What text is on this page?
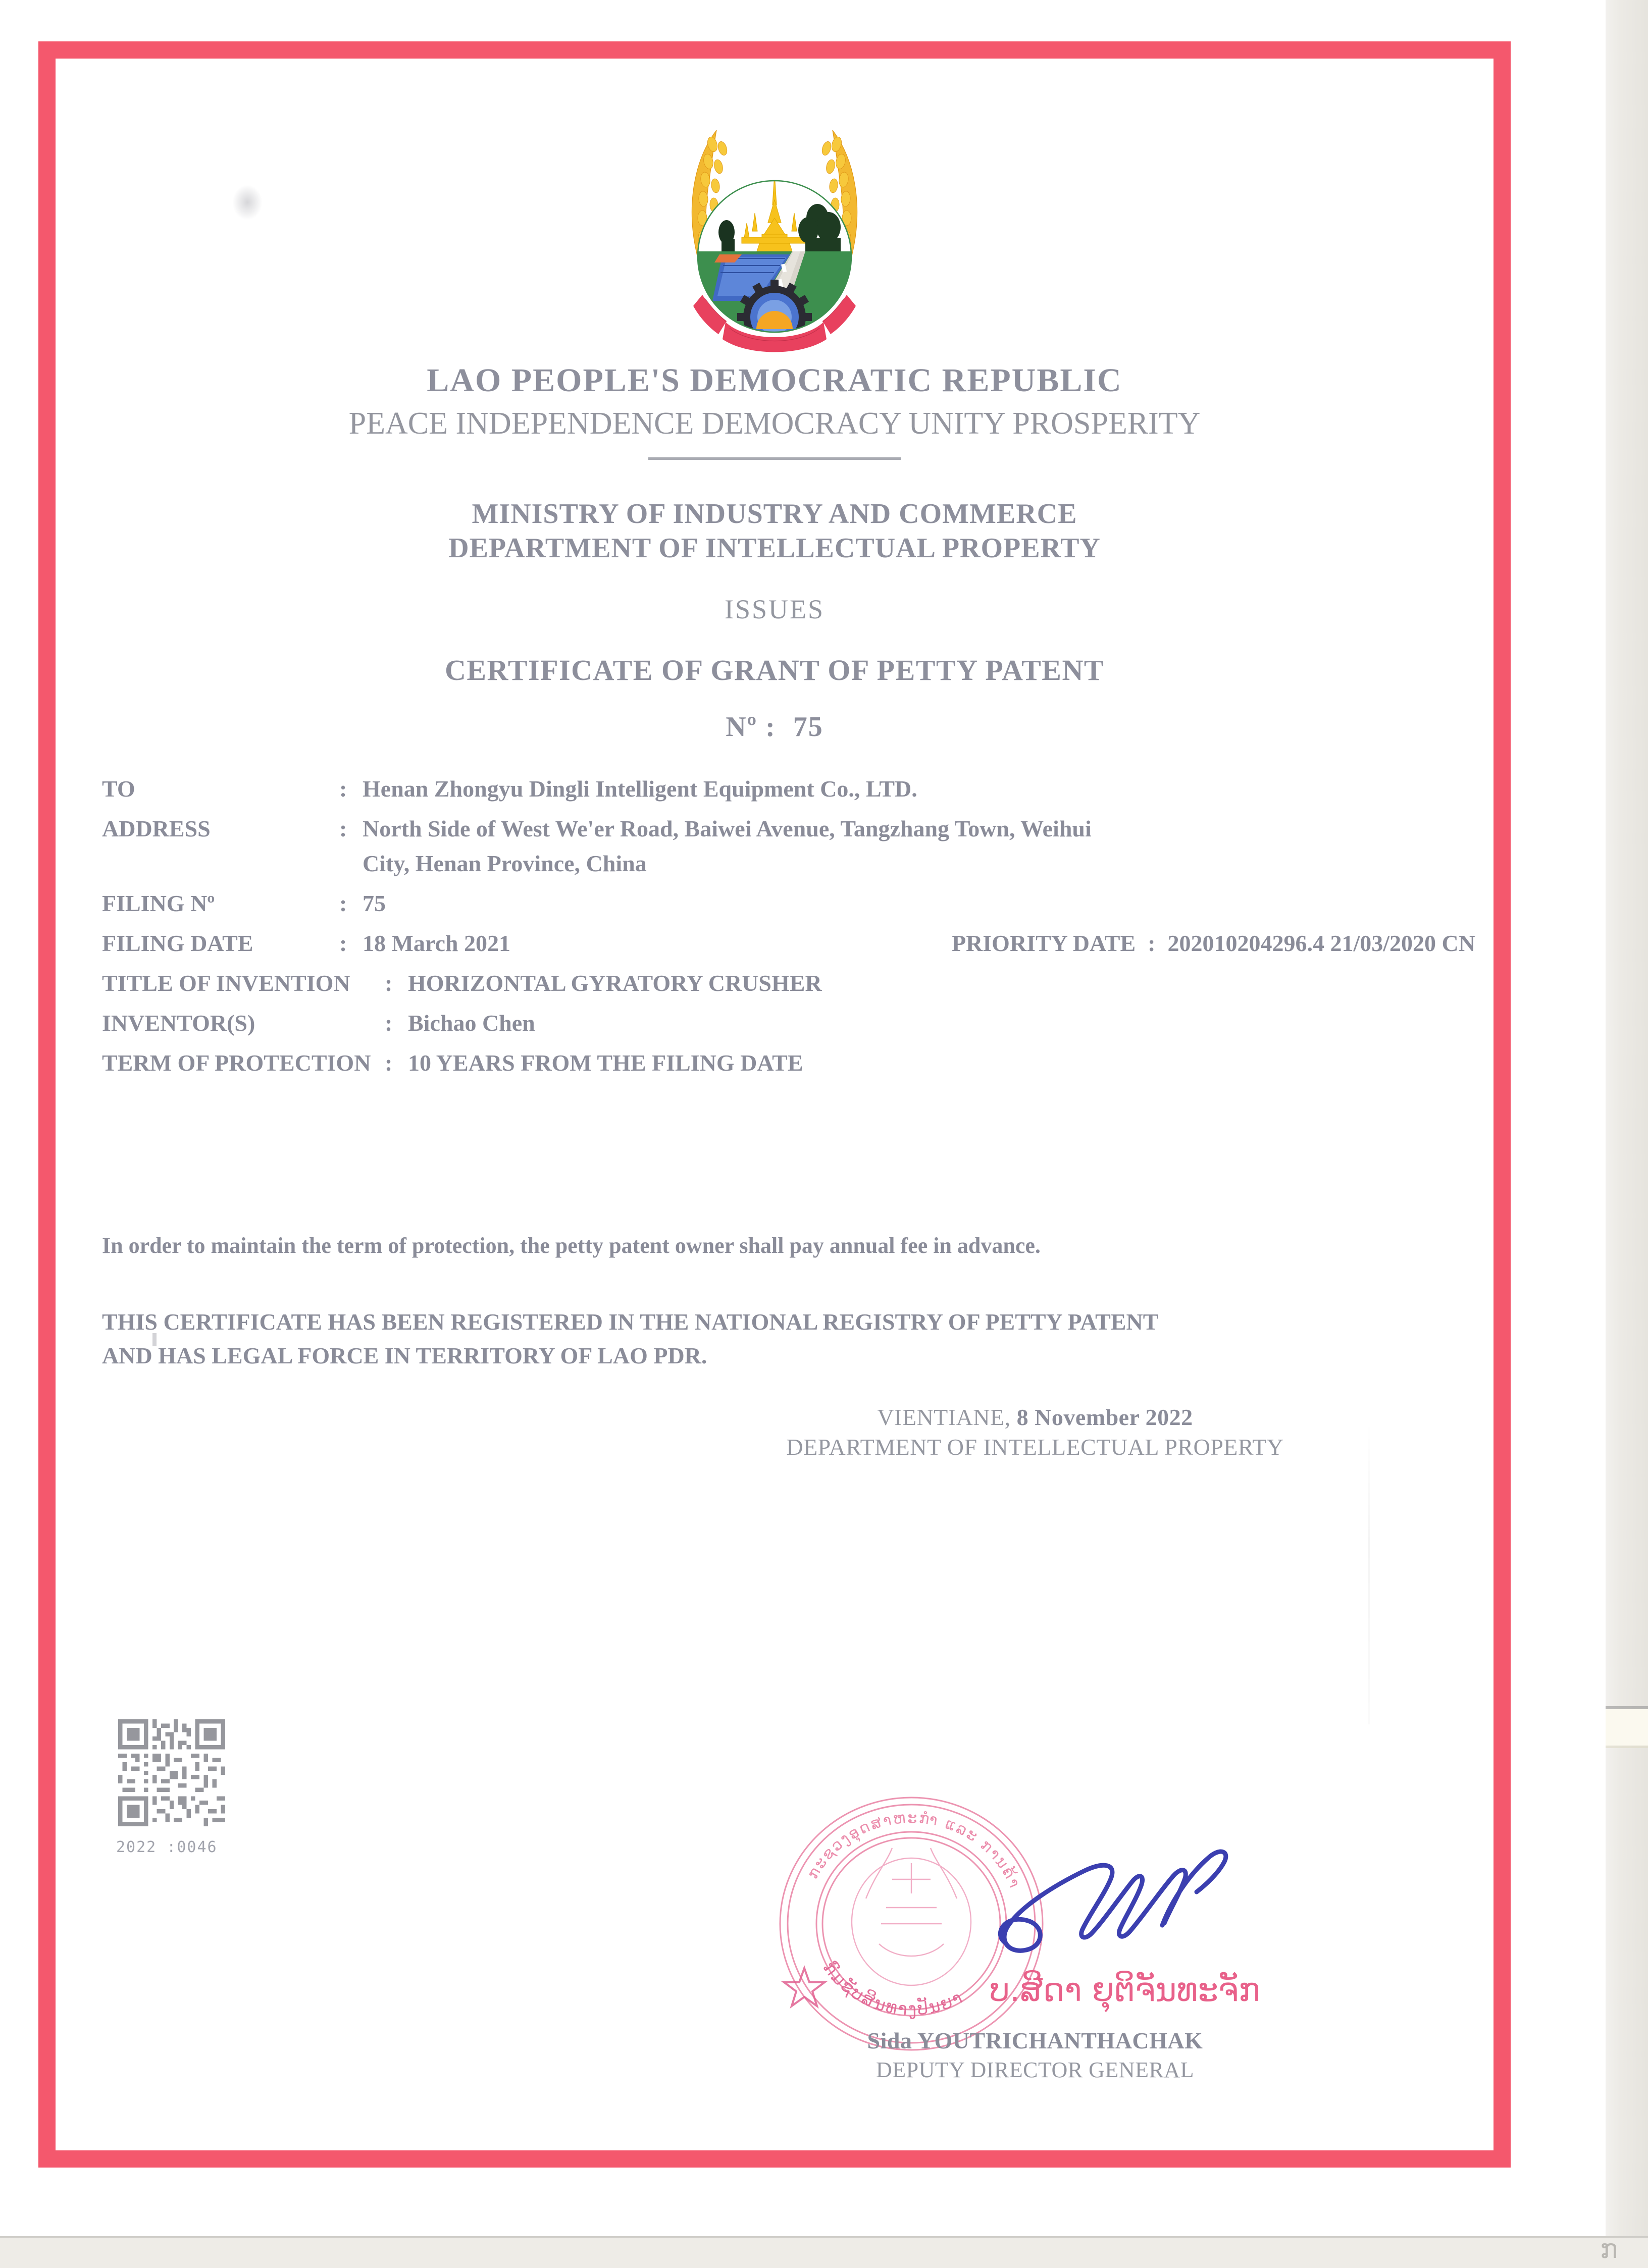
ກ
LAO PEOPLE'S DEMOCRATIC REPUBLIC
PEACE INDEPENDENCE DEMOCRACY UNITY PROSPERITY
MINISTRY OF INDUSTRY AND COMMERCE
DEPARTMENT OF INTELLECTUAL PROPERTY
ISSUES
CERTIFICATE OF GRANT OF PETTY PATENT
Nº : 75
TO	: Henan Zhongyu Dingli Intelligent Equipment Co., LTD.
ADDRESS	: North Side of West We'er Road, Baiwei Avenue, Tangzhang Town, Weihui
City, Henan Province, China
FILING Nº	: 75
FILING DATE	: 18 March 2021	PRIORITY DATE : 202010204296.4 21/03/2020 CN
TITLE OF INVENTION	: HORIZONTAL GYRATORY CRUSHER
INVENTOR(S)	: Bichao Chen
TERM OF PROTECTION : 10 YEARS FROM THE FILING DATE
In order to maintain the term of protection, the petty patent owner shall pay annual fee in advance.
THIS CERTIFICATE HAS BEEN REGISTERED IN THE NATIONAL REGISTRY OF PETTY PATENT
AND HAS LEGAL FORCE IN TERRITORY OF LAO PDR.
VIENTIANE, 8 November 2022
DEPARTMENT OF INTELLECTUAL PROPERTY
2022 :0046
ກະຊວງອຸດສາຫະກຳ ແລະ ການຄ້າ
ກົມຊັບສິນທາງປັນຍາ ບ.ສີດາ ຍຸຕິຈັນທະຈັກ
Sida YOUTRICHANTHACHAK
DEPUTY DIRECTOR GENERAL
